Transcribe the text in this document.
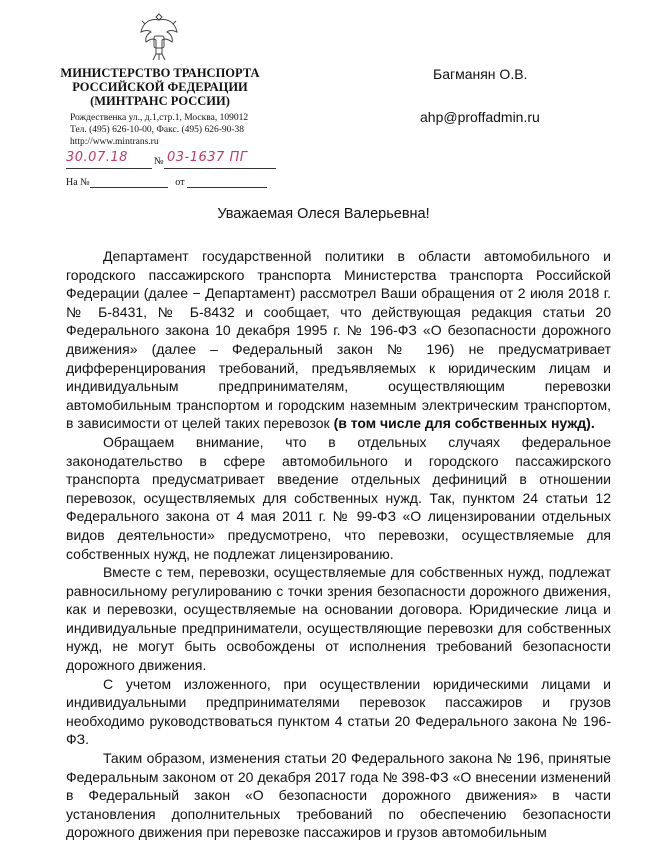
МИНИСТЕРСТВО ТРАНСПОРТА
РОССИЙСКОЙ ФЕДЕРАЦИИ
(МИНТРАНС РОССИИ)
Рождественка ул., д.1,стр.1, Москва, 109012
Тел. (495) 626-10-00, Факс. (495) 626-90-38
http://www.mintrans.ru
30.07.18	№ 03-1637 ПГ
На №	от
Багманян О.В.
ahp@proffadmin.ru
Уважаемая Олеся Валерьевна!

Департамент государственной политики в области автомобильного и городского пассажирского транспорта Министерства транспорта Российской Федерации (далее − Департамент) рассмотрел Ваши обращения от 2 июля 2018 г. № Б-8431, № Б-8432 и сообщает, что действующая редакция статьи 20 Федерального закона 10 декабря 1995 г. № 196-ФЗ «О безопасности дорожного движения» (далее – Федеральный закон № 196) не предусматривает дифференцирования требований, предъявляемых к юридическим лицам и индивидуальным предпринимателям, осуществляющим перевозки автомобильным транспортом и городским наземным электрическим транспортом, в зависимости от целей таких перевозок (в том числе для собственных нужд).

Обращаем внимание, что в отдельных случаях федеральное законодательство в сфере автомобильного и городского пассажирского транспорта предусматривает введение отдельных дефиниций в отношении перевозок, осуществляемых для собственных нужд. Так, пунктом 24 статьи 12 Федерального закона от 4 мая 2011 г. № 99-ФЗ «О лицензировании отдельных видов деятельности» предусмотрено, что перевозки, осуществляемые для собственных нужд, не подлежат лицензированию.

Вместе с тем, перевозки, осуществляемые для собственных нужд, подлежат равносильному регулированию с точки зрения безопасности дорожного движения, как и перевозки, осуществляемые на основании договора. Юридические лица и индивидуальные предприниматели, осуществляющие перевозки для собственных нужд, не могут быть освобождены от исполнения требований безопасности дорожного движения.

С учетом изложенного, при осуществлении юридическими лицами и индивидуальными предпринимателями перевозок пассажиров и грузов необходимо руководствоваться пунктом 4 статьи 20 Федерального закона № 196-ФЗ.

Таким образом, изменения статьи 20 Федерального закона № 196, принятые Федеральным законом от 20 декабря 2017 года № 398-ФЗ «О внесении изменений в Федеральный закон «О безопасности дорожного движения» в части установления дополнительных требований по обеспечению безопасности дорожного движения при перевозке пассажиров и грузов автомобильным
